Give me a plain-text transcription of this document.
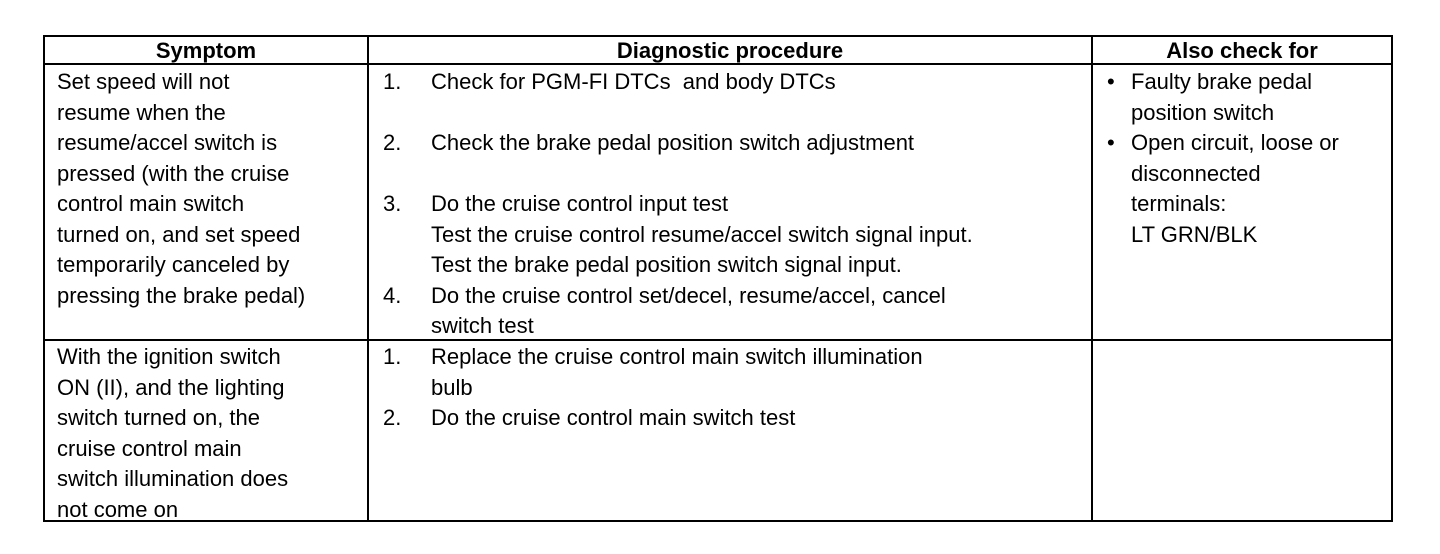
Symptom	Diagnostic procedure	Also check for
Set speed will not
resume when the
resume/accel switch is
pressed (with the cruise
control main switch
turned on, and set speed
temporarily canceled by
pressing the brake pedal)
1. Check for PGM-FI DTCs  and body DTCs
2. Check the brake pedal position switch adjustment
3. Do the cruise control input test
Test the cruise control resume/accel switch signal input.
Test the brake pedal position switch signal input.
4. Do the cruise control set/decel, resume/accel, cancel
switch test
• Faulty brake pedal
position switch
• Open circuit, loose or
disconnected
terminals:
LT GRN/BLK
With the ignition switch
ON (II), and the lighting
switch turned on, the
cruise control main
switch illumination does
not come on
1. Replace the cruise control main switch illumination
bulb
2. Do the cruise control main switch test
